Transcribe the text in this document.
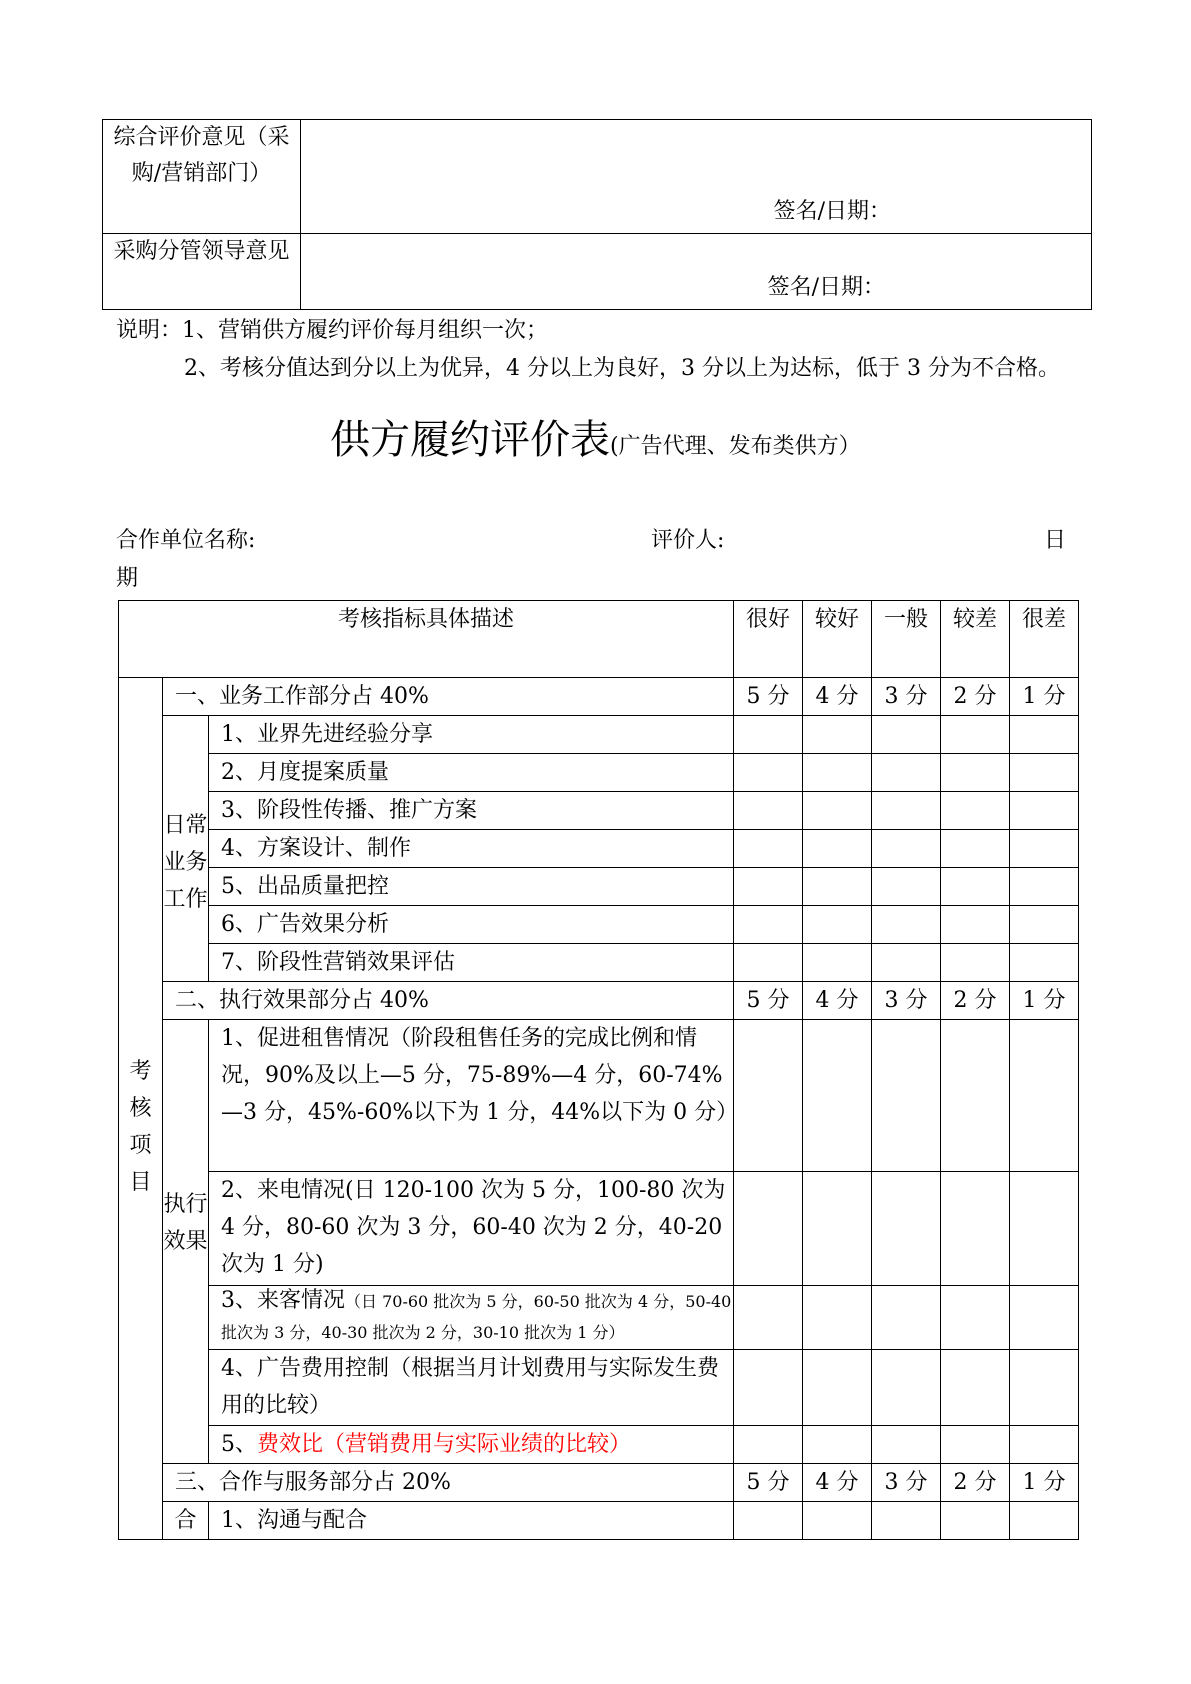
综合评价意见（采购/营销部门）	签名/日期：

采购分管领导意见	签名/日期：
说明：1、营销供方履约评价每月组织一次；
2、考核分值达到分以上为优异，4 分以上为良好，3 分以上为达标，低于 3 分为不合格。
供方履约评价表(广告代理、发布类供方）
合作单位名称:	评价人:	日
期
考核指标具体描述			很好	较好	一般	较差	很差
考核项目	一、业务工作部分占 40%		5 分	4 分	3 分	2 分	1 分
	日常业务工作	1、业界先进经验分享					
		2、月度提案质量					
		3、阶段性传播、推广方案					
		4、方案设计、制作					
		5、出品质量把控					
		6、广告效果分析					
		7、阶段性营销效果评估					
	二、执行效果部分占 40%		5 分	4 分	3 分	2 分	1 分
	执行效果	1、促进租售情况（阶段租售任务的完成比例和情况，90%及以上—5 分，75-89%—4 分，60-74%—3 分，45%-60%以下为 1 分，44%以下为 0 分）					
		2、来电情况(日 120-100 次为 5 分，100-80 次为 4 分，80-60 次为 3 分，60-40 次为 2 分，40-20 次为 1 分)					
		3、来客情况（日 70-60 批次为 5 分，60-50 批次为 4 分，50-40 批次为 3 分，40-30 批次为 2 分，30-10 批次为 1 分）					
		4、广告费用控制（根据当月计划费用与实际发生费用的比较）					
		5、费效比（营销费用与实际业绩的比较）					
	三、合作与服务部分占 20%		5 分	4 分	3 分	2 分	1 分
	合	1、沟通与配合					
